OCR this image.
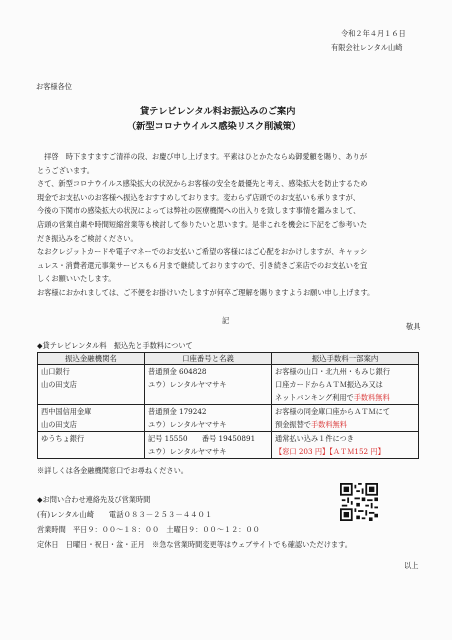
令和２年４月１６日

有限会社レンタル山崎

お客様各位

貸テレビレンタル料お振込みのご案内

（新型コロナウイルス感染リスク削減策）

　拝啓　時下ますますご清祥の段、お慶び申し上げます。平素はひとかたならぬ御愛顧を賜り、ありが

とうございます。

さて、新型コロナウイルス感染拡大の状況からお客様の安全を最優先と考え、感染拡大を防止するため

現金でお支払いのお客様へ振込をおすすめしております。変わらず店頭でのお支払いも承りますが、

今後の下関市の感染拡大の状況によっては弊社の医療機関への出入りを致します事情を鑑みまして、

店頭の営業自粛や時間短縮営業等も検討して参りたいと思います。是非これを機会に下記をご参考いた

だき振込みをご検討ください。

なおクレジットカードや電子マネーでのお支払いご希望の客様にはご心配をおかけしますが、キャッシ

ュレス・消費者還元事業サービスも６月まで継続しておりますので、引き続きご来店でのお支払いを宜

しくお願いいたします。

お客様におかれましては、ご不便をお掛けいたしますが何卒ご理解を賜りますようお願い申し上げます。

敬具

記

◆貸テレビレンタル料　振込先と手数料について

振込金融機関名	口座番号と名義	振込手数料一部案内

山口銀行
山の田支店	普通預金 604828
ユウ）レンタルヤマサキ	お客様の山口・北九州・もみじ銀行
口座カードからＡＴＭ振込み又は
ネットバンキング利用で手数料無料

西中国信用金庫
山の田支店	普通預金 179242
ユウ）レンタルヤマサキ	お客様の同金庫口座からＡＴＭにて
預金振替で手数料無料

ゆうちょ銀行	記号 15550　　番号 19450891
ユウ）レンタルヤマサキ	通常払い込み１件につき
【窓口 203 円】【ＡＴＭ152 円】

※詳しくは各金融機関窓口でお尋ねください。

◆お問い合わせ連絡先及び営業時間

(有)レンタル山崎　　電話０８３－２５３－４４０１

営業時間　平日９：００～１８：００　土曜日９：００～１２：００

定休日　日曜日・祝日・盆・正月　※急な営業時間変更等はウェブサイトでも確認いただけます。

以上
